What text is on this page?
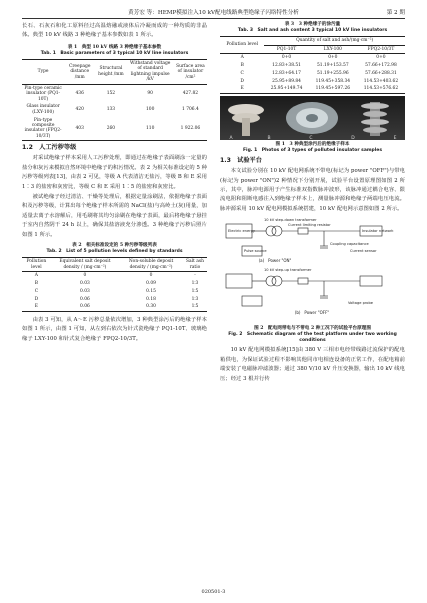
黄芳宏 等：HEMP模拟注入10 kV配电线路典型绝缘子闪络特性分析	第 2 期

长石、石灰石和化工原料径过高温熔融或液体后冷凝而成的一种均质的非晶体。典型 10 kV 线路 3 种绝缘子基本参数如表 1 所示。

表 1　典型 10 kV 线路 3 种绝缘子基本参数

Tab. 1　Basic parameters of 3 typical 10 kV line insulators

Type	Creepage distance /mm	Structural height /mm	Withstand voltage of standard lightning impulse /kV	Surface area of insulator /cm²
Pin-type ceramic insulator (PQ1-10T)	436	152	90	427.82
Glass insulator (LXY-100)	420	133	100	1 706.4
Pin-type composite insulator (FPQ2-10/3T)	403	260	110	1 922.06
1.2　人工污秽等级

对采试绝缘子样本采用人工污秽处理，即通过在绝缘子表面刷涂一定量的盐分和灰污来模拟自然环境中绝缘子的积污情况。表 2 为相关标准设定的 5 种污秽等级列表[13]，由表 2 可见，等级 A 代表清洁无盐污，等级 B 和 E 采用 1∶3 的盐密和灰密比，等级 C 和 E 采用 1∶5 的盐密和灰密比。

被试绝缘子经过清洁、干燥等处理后，根据定量涂刷法，依据绝缘子表面积及污秽等级，计算出每个绝缘子样本所需的 NaCl(盐)与高岭土(灰)用量，加适量去离子水溶解后，用毛刷将其均匀涂刷在绝缘子表面，最后将绝缘子悬挂于室内自然阴干 24 h 以上，确保其盐溶液充分渗透。3 种绝缘子污秽后照片如图 1 所示。

表 2　相关标准设定的 5 种污秽等级列表

Tab. 2　List of 5 pollution levels defined by standards

Pollution level	Equivalent salt deposit density / (mg·cm⁻²)	Non-soluble deposit density / (mg·cm⁻²)	Salt ash ratio
A	0	0	-
B	0.03	0.09	1∶3
C	0.03	0.15	1∶5
D	0.06	0.18	1∶3
E	0.06	0.30	1∶5

由表 3 可知，从 A～E 污秽总量依次增加，3 种典型涂污后的绝缘子样本如图 1 所示，由图 1 可知，从左到右依次为针式瓷绝缘子 PQ1-10T、玻璃绝缘子 LXY-100 和针式复合绝缘子 FPQ2-10/3T。

表 3　3 种绝缘子的涂污量

Tab. 3　Salt and ash content 3 typical 10 kV line insulators

Pollution level	Quantity of salt and ash/(mg·cm⁻²)		
	PQ1-10T	LXY-100	FPQ2-10/3T
A	0+0	0+0	0+0
B	12.83+38.51	51.19+153.57	57.66+172.98
C	12.83+64.17	51.19+255.96	57.66+288.31
D	25.95+89.84	119.45+358.34	114.53+403.62
E	25.95+149.74	119.45+597.26	114.53+576.62
A	B	C	D	E

图 1　3 种典型涂污后的绝缘子样本

Fig. 1　Photos of 3 types of polluted insulator samples

1.3　试验平台

本文试验分别在 10 kV 配电网系统不带电(标记为 power "OFF")与带电(标记为 power "ON")2 种情况下分别开展，试验平台设置原理图如图 2 所示，其中，脉冲电源用于产生标准双指数脉冲波形，该脉冲通过耦合电容、限流电阻和阻断电感注入到绝缘子样本上，测量脉冲源和绝缘子两端电压电流。脉冲源采用 10 kV 配电网模拟系统搭建，10 kV 配电网示意图如图 2 所示。

Electric energy
10 kV step-down transformer
Current limiting resistor
Coupling capacitance
Pulse source
Insulator network
Current sensor
(a)　Power "ON"
10 kV step-up transformer
Voltage probe
(b)　Power "OFF"

图 2　配电网带电与不带电 2 种工况下的试验平台原理图

Fig. 2　Schematic diagram of the test platform under two working conditions

10 kV 配电网模拟系统[15]由 380 V 三相市电经带线路过流保护的配电箱供电，为保证试验过程不影响其他同市电相连设备的正常工作，在配电箱前端安装了电磁脉冲滤波器；通过 380 V/10 kV 升压变换器，输出 10 kV 线电压；经过 3 根并行传

020501-3
